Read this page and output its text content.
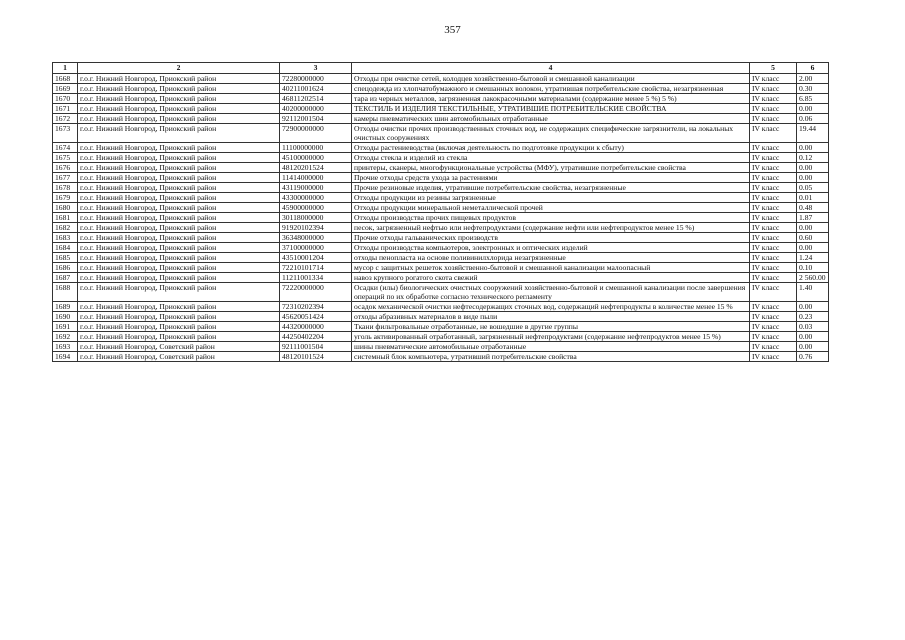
357
1	2	3	4	5	6
1668	г.о.г. Нижний Новгород, Приокский район	72280000000	Отходы при очистке сетей, колодцев хозяйственно-бытовой и смешанной канализации	IV класс	2.00
1669	г.о.г. Нижний Новгород, Приокский район	40211001624	спецодежда из хлопчатобумажного и смешанных волокон, утратившая потребительские свойства, незагрязненная	IV класс	0.30
1670	г.о.г. Нижний Новгород, Приокский район	46811202514	тара из черных металлов, загрязненная лакокрасочными материалами (содержание менее 5 %) 5 %)	IV класс	6.85
1671	г.о.г. Нижний Новгород, Приокский район	40200000000	ТЕКСТИЛЬ И ИЗДЕЛИЯ ТЕКСТИЛЬНЫЕ, УТРАТИВШИЕ ПОТРЕБИТЕЛЬСКИЕ СВОЙСТВА	IV класс	0.00
1672	г.о.г. Нижний Новгород, Приокский район	92112001504	камеры пневматических шин автомобильных отработанные	IV класс	0.06
1673	г.о.г. Нижний Новгород, Приокский район	72900000000	Отходы очистки прочих производственных сточных вод, не содержащих специфические загрязнители, на локальных очистных сооружениях	IV класс	19.44
1674	г.о.г. Нижний Новгород, Приокский район	11100000000	Отходы растениеводства (включая деятельность по подготовке продукции к сбыту)	IV класс	0.00
1675	г.о.г. Нижний Новгород, Приокский район	45100000000	Отходы стекла и изделий из стекла	IV класс	0.12
1676	г.о.г. Нижний Новгород, Приокский район	48120201524	принтеры, сканеры, многофункциональные устройства (МФУ), утратившие потребительские свойства	IV класс	0.00
1677	г.о.г. Нижний Новгород, Приокский район	11414000000	Прочие отходы средств ухода за растениями	IV класс	0.00
1678	г.о.г. Нижний Новгород, Приокский район	43119000000	Прочие резиновые изделия, утратившие потребительские свойства, незагрязненные	IV класс	0.05
1679	г.о.г. Нижний Новгород, Приокский район	43300000000	Отходы продукции из резины загрязненные	IV класс	0.01
1680	г.о.г. Нижний Новгород, Приокский район	45900000000	Отходы продукции минеральной неметаллической прочей	IV класс	0.48
1681	г.о.г. Нижний Новгород, Приокский район	30118000000	Отходы производства прочих пищевых продуктов	IV класс	1.87
1682	г.о.г. Нижний Новгород, Приокский район	91920102394	песок, загрязненный нефтью или нефтепродуктами (содержание нефти или нефтепродуктов менее 15 %)	IV класс	0.00
1683	г.о.г. Нижний Новгород, Приокский район	36348000000	Прочие отходы гальванических производств	IV класс	0.60
1684	г.о.г. Нижний Новгород, Приокский район	37100000000	Отходы производства компьютеров, электронных и оптических изделий	IV класс	0.00
1685	г.о.г. Нижний Новгород, Приокский район	43510001204	отходы пенопласта на основе поливинилхлорида незагрязненные	IV класс	1.24
1686	г.о.г. Нижний Новгород, Приокский район	72210101714	мусор с защитных решеток хозяйственно-бытовой и смешанной канализации малоопасный	IV класс	0.10
1687	г.о.г. Нижний Новгород, Приокский район	11211001334	навоз крупного рогатого скота свежий	IV класс	2 560.00
1688	г.о.г. Нижний Новгород, Приокский район	72220000000	Осадки (илы) биологических очистных сооружений хозяйственно-бытовой и смешанной канализации после завершения операций по их обработке согласно технического регламенту	IV класс	1.40
1689	г.о.г. Нижний Новгород, Приокский район	72310202394	осадок механической очистки нефтесодержащих сточных вод, содержащий нефтепродукты в количестве менее 15 %	IV класс	0.00
1690	г.о.г. Нижний Новгород, Приокский район	45620051424	отходы абразивных материалов в виде пыли	IV класс	0.23
1691	г.о.г. Нижний Новгород, Приокский район	44320000000	Ткани фильтровальные отработанные, не вошедшие в другие группы	IV класс	0.03
1692	г.о.г. Нижний Новгород, Приокский район	44250402204	уголь активированный отработанный, загрязненный нефтепродуктами (содержание нефтепродуктов менее 15 %)	IV класс	0.00
1693	г.о.г. Нижний Новгород, Советский район	92111001504	шины пневматические автомобильные отработанные	IV класс	0.00
1694	г.о.г. Нижний Новгород, Советский район	48120101524	системный блок компьютера, утративший потребительские свойства	IV класс	0.76
